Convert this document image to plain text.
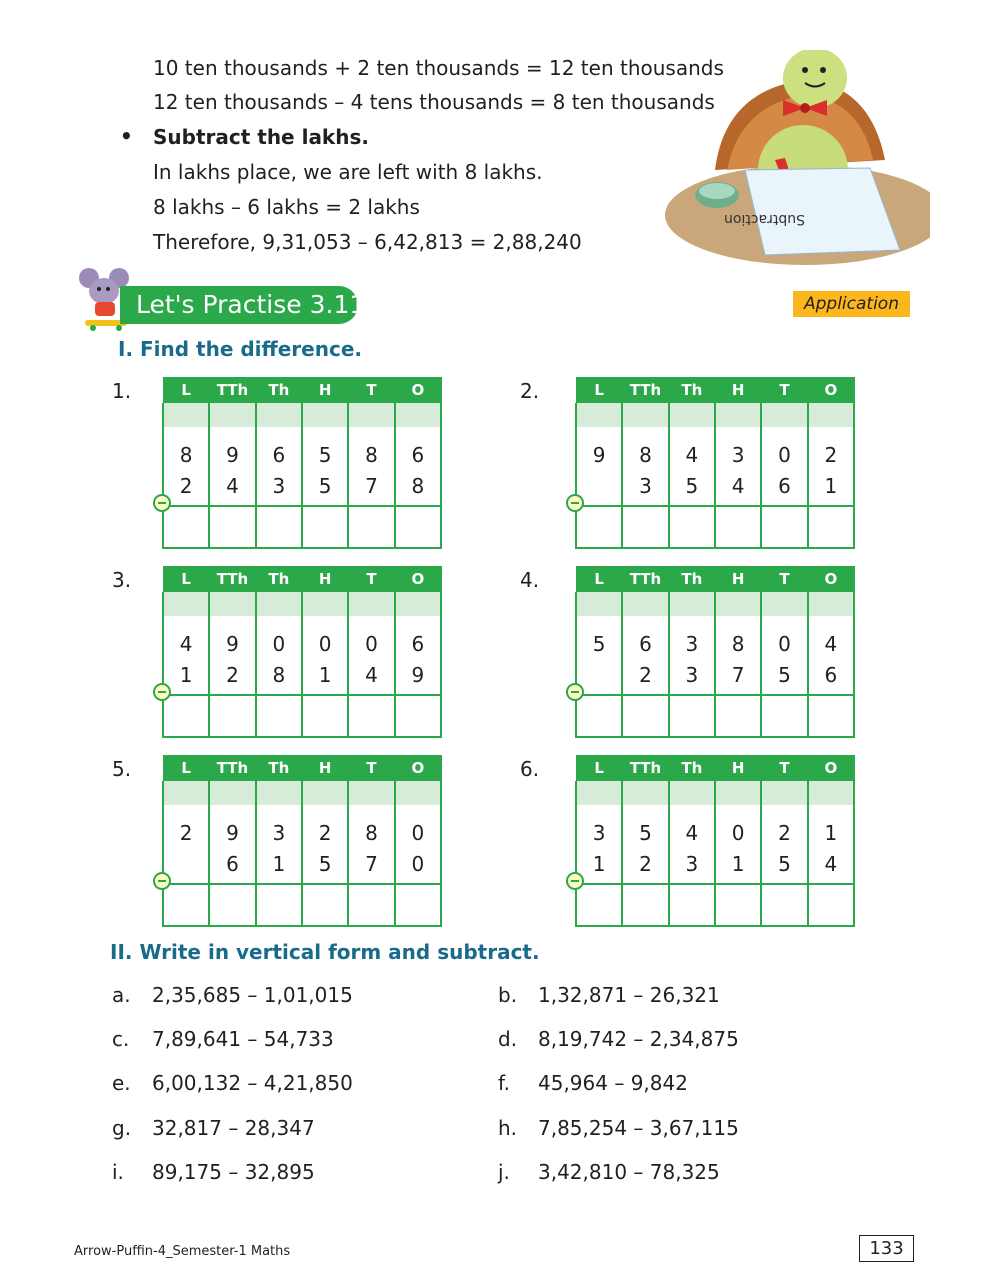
10 ten thousands + 2 ten thousands = 12 ten thousands
12 ten thousands – 4 tens thousands = 8 ten thousands
• Subtract the lakhs.
In lakhs place, we are left with 8 lakhs.
8 lakhs – 6 lakhs = 2 lakhs
Therefore, 9,31,053 – 6,42,813 = 2,88,240
Subtraction
Let's Practise 3.11	Application
I. Find the difference.
1.	L	TTh	Th	H	T	O

8	9	6	5	8	6
2	4	3	5	7	8

2.	L	TTh	Th	H	T	O

9	8	4	3	0	2
	3	5	4	6	1

3.	L	TTh	Th	H	T	O

4	9	0	0	0	6
1	2	8	1	4	9

4.	L	TTh	Th	H	T	O

5	6	3	8	0	4
	2	3	7	5	6

5.	L	TTh	Th	H	T	O

2	9	3	2	8	0
	6	1	5	7	0

6.	L	TTh	Th	H	T	O

3	5	4	0	2	1
1	2	3	1	5	4

II. Write in vertical form and subtract.
a. 2,35,685 – 1,01,015	b. 1,32,871 – 26,321
c. 7,89,641 – 54,733	d. 8,19,742 – 2,34,875
e. 6,00,132 – 4,21,850	f. 45,964 – 9,842
g. 32,817 – 28,347	h. 7,85,254 – 3,67,115
i. 89,175 – 32,895	j. 3,42,810 – 78,325
Arrow-Puffin-4_Semester-1 Maths	133
